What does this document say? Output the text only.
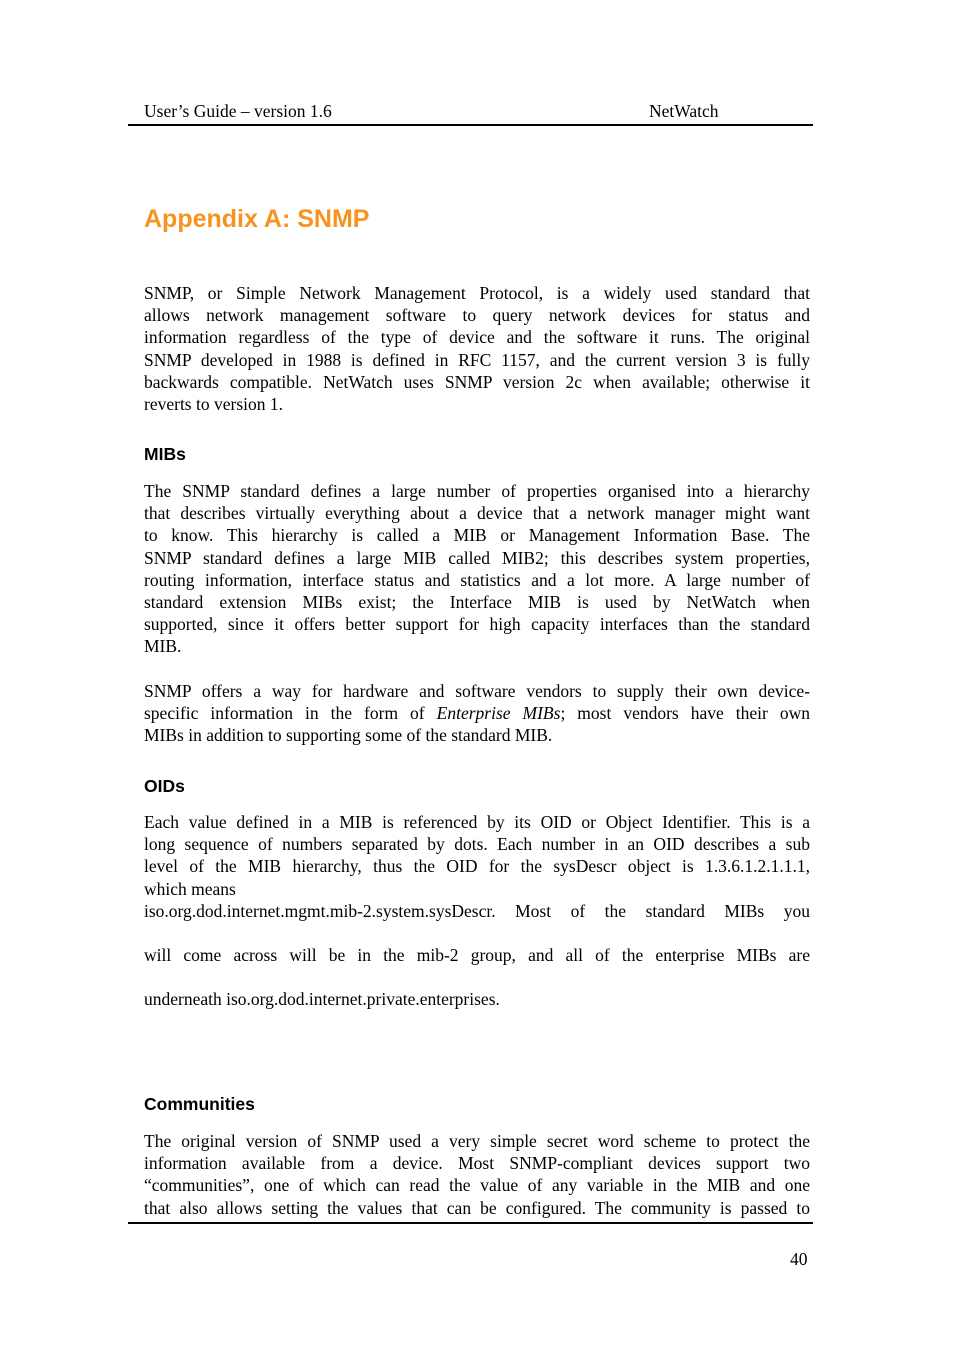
User’s Guide – version 1.6	NetWatch
Appendix A: SNMP

SNMP, or Simple Network Management Protocol, is a widely used standard that
allows network management software to query network devices for status and
information regardless of the type of device and the software it runs. The original
SNMP developed in 1988 is defined in RFC 1157, and the current version 3 is fully
backwards compatible. NetWatch uses SNMP version 2c when available; otherwise it
reverts to version 1.

MIBs

The SNMP standard defines a large number of properties organised into a hierarchy
that describes virtually everything about a device that a network manager might want
to know. This hierarchy is called a MIB or Management Information Base. The
SNMP standard defines a large MIB called MIB2; this describes system properties,
routing information, interface status and statistics and a lot more. A large number of
standard extension MIBs exist; the Interface MIB is used by NetWatch when
supported, since it offers better support for high capacity interfaces than the standard
MIB.

SNMP offers a way for hardware and software vendors to supply their own device-
specific information in the form of Enterprise MIBs; most vendors have their own
MIBs in addition to supporting some of the standard MIB.

OIDs

Each value defined in a MIB is referenced by its OID or Object Identifier. This is a
long sequence of numbers separated by dots. Each number in an OID describes a sub
level of the MIB hierarchy, thus the OID for the sysDescr object is 1.3.6.1.2.1.1.1,
which means

iso.org.dod.internet.mgmt.mib-2.system.sysDescr. Most of the standard MIBs you

will come across will be in the mib-2 group, and all of the enterprise MIBs are

underneath iso.org.dod.internet.private.enterprises.

Communities

The original version of SNMP used a very simple secret word scheme to protect the
information available from a device. Most SNMP-compliant devices support two
“communities”, one of which can read the value of any variable in the MIB and one
that also allows setting the values that can be configured. The community is passed to

40
